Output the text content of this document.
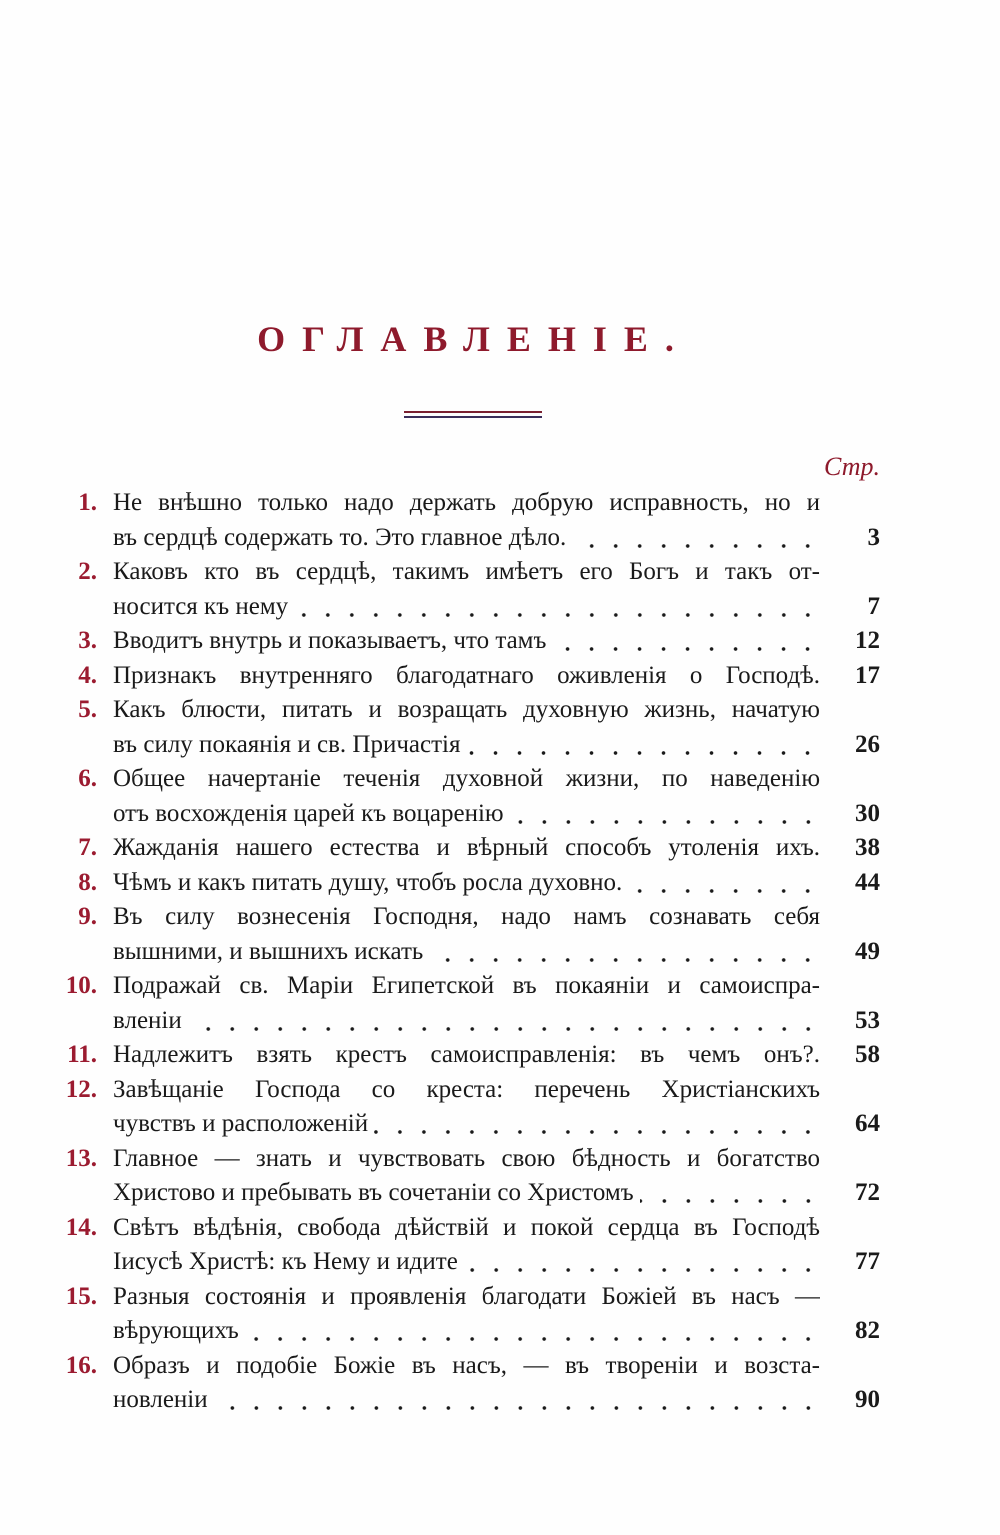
ОГЛАВЛЕНІЕ.
Стр.
1. Не внѣшно только надо держать добрую исправность, но и
въ сердцѣ содержать то. Это главное дѣло.	3
2. Каковъ кто въ сердцѣ, такимъ имѣетъ его Богъ и такъ от-
носится къ нему	7
3. Вводитъ внутрь и показываетъ, что тамъ	12
4. Признакъ внутренняго благодатнаго оживленія о Господѣ. 17
5. Какъ блюсти, питать и возращать духовную жизнь, начатую
въ силу покаянія и св. Причастія	26
6. Общее начертаніе теченія духовной жизни, по наведенію
отъ восхожденія царей къ воцаренію	30
7. Жажданія нашего естества и вѣрный способъ утоленія ихъ. 38
8. Чѣмъ и какъ питать душу, чтобъ росла духовно.	44
9. Въ силу вознесенія Господня, надо намъ сознавать себя
вышними, и вышнихъ искать	49
10. Подражай св. Маріи Египетской въ покаяніи и самоиспра-
вленіи	53
11. Надлежитъ взять крестъ самоисправленія: въ чемъ онъ?. 58
12. Завѣщаніе Господа со креста: перечень Христіанскихъ
чувствъ и расположеній	64
13. Главное — знать и чувствовать свою бѣдность и богатство
Христово и пребывать въ сочетаніи со Христомъ	72
14. Свѣтъ вѣдѣнія, свобода дѣйствій и покой сердца въ Господѣ
Іисусѣ Христѣ: къ Нему и идите	77
15. Разныя состоянія и проявленія благодати Божіей въ насъ —
вѣрующихъ	82
16. Образъ и подобіе Божіе въ насъ, — въ твореніи и возста-
новленіи	90
